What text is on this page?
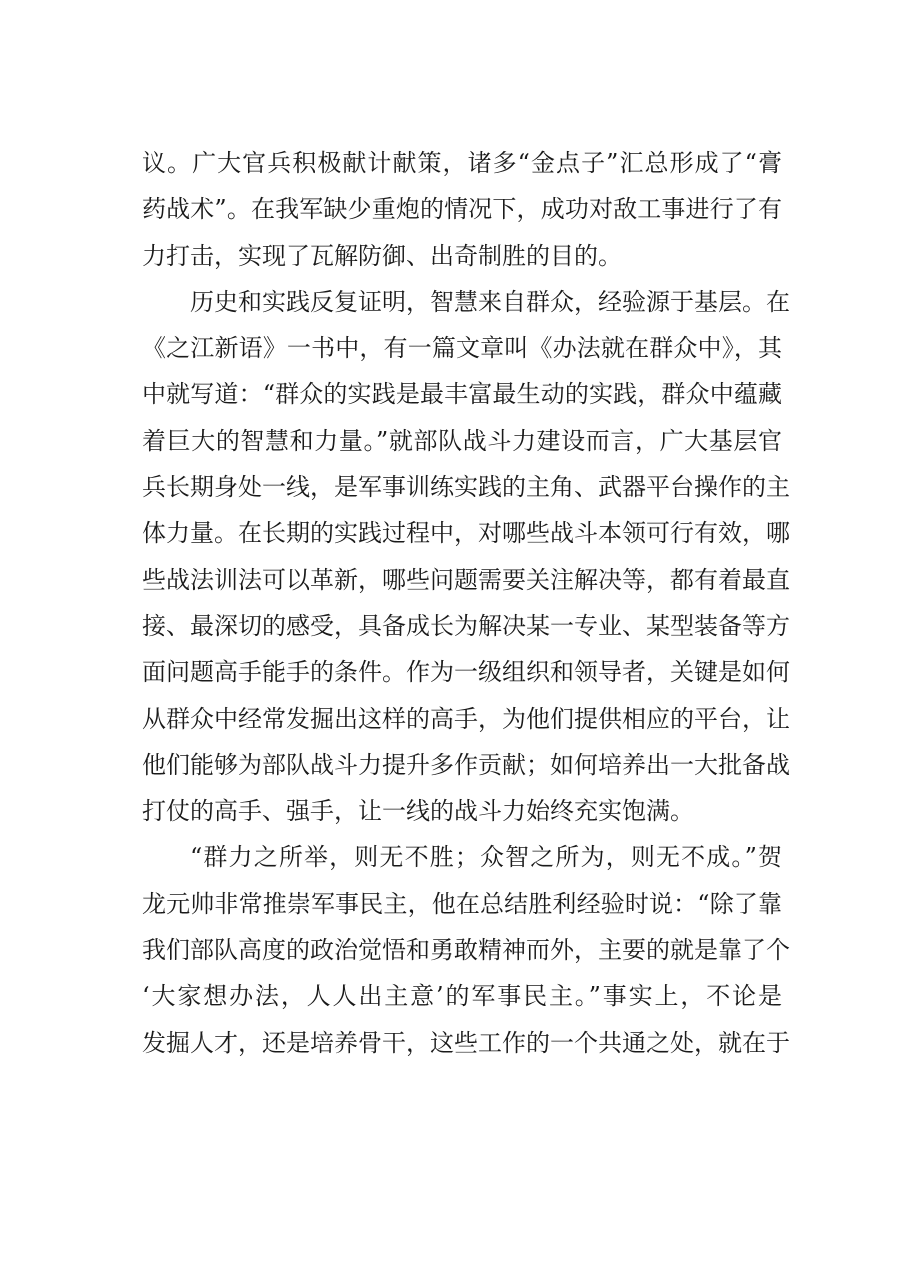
议。广大官兵积极献计献策，诸多“金点子”汇总形成了“膏
药战术”。在我军缺少重炮的情况下，成功对敌工事进行了有
力打击，实现了瓦解防御、出奇制胜的目的。
历史和实践反复证明，智慧来自群众，经验源于基层。在
《之江新语》一书中，有一篇文章叫《办法就在群众中》，其
中就写道：“群众的实践是最丰富最生动的实践，群众中蕴藏
着巨大的智慧和力量。”就部队战斗力建设而言，广大基层官
兵长期身处一线，是军事训练实践的主角、武器平台操作的主
体力量。在长期的实践过程中，对哪些战斗本领可行有效，哪
些战法训法可以革新，哪些问题需要关注解决等，都有着最直
接、最深切的感受，具备成长为解决某一专业、某型装备等方
面问题高手能手的条件。作为一级组织和领导者，关键是如何
从群众中经常发掘出这样的高手，为他们提供相应的平台，让
他们能够为部队战斗力提升多作贡献；如何培养出一大批备战
打仗的高手、强手，让一线的战斗力始终充实饱满。
“群力之所举，则无不胜；众智之所为，则无不成。”贺
龙元帅非常推崇军事民主，他在总结胜利经验时说：“除了靠
我们部队高度的政治觉悟和勇敢精神而外，主要的就是靠了个
‘大家想办法，人人出主意’的军事民主。”事实上，不论是
发掘人才，还是培养骨干，这些工作的一个共通之处，就在于
